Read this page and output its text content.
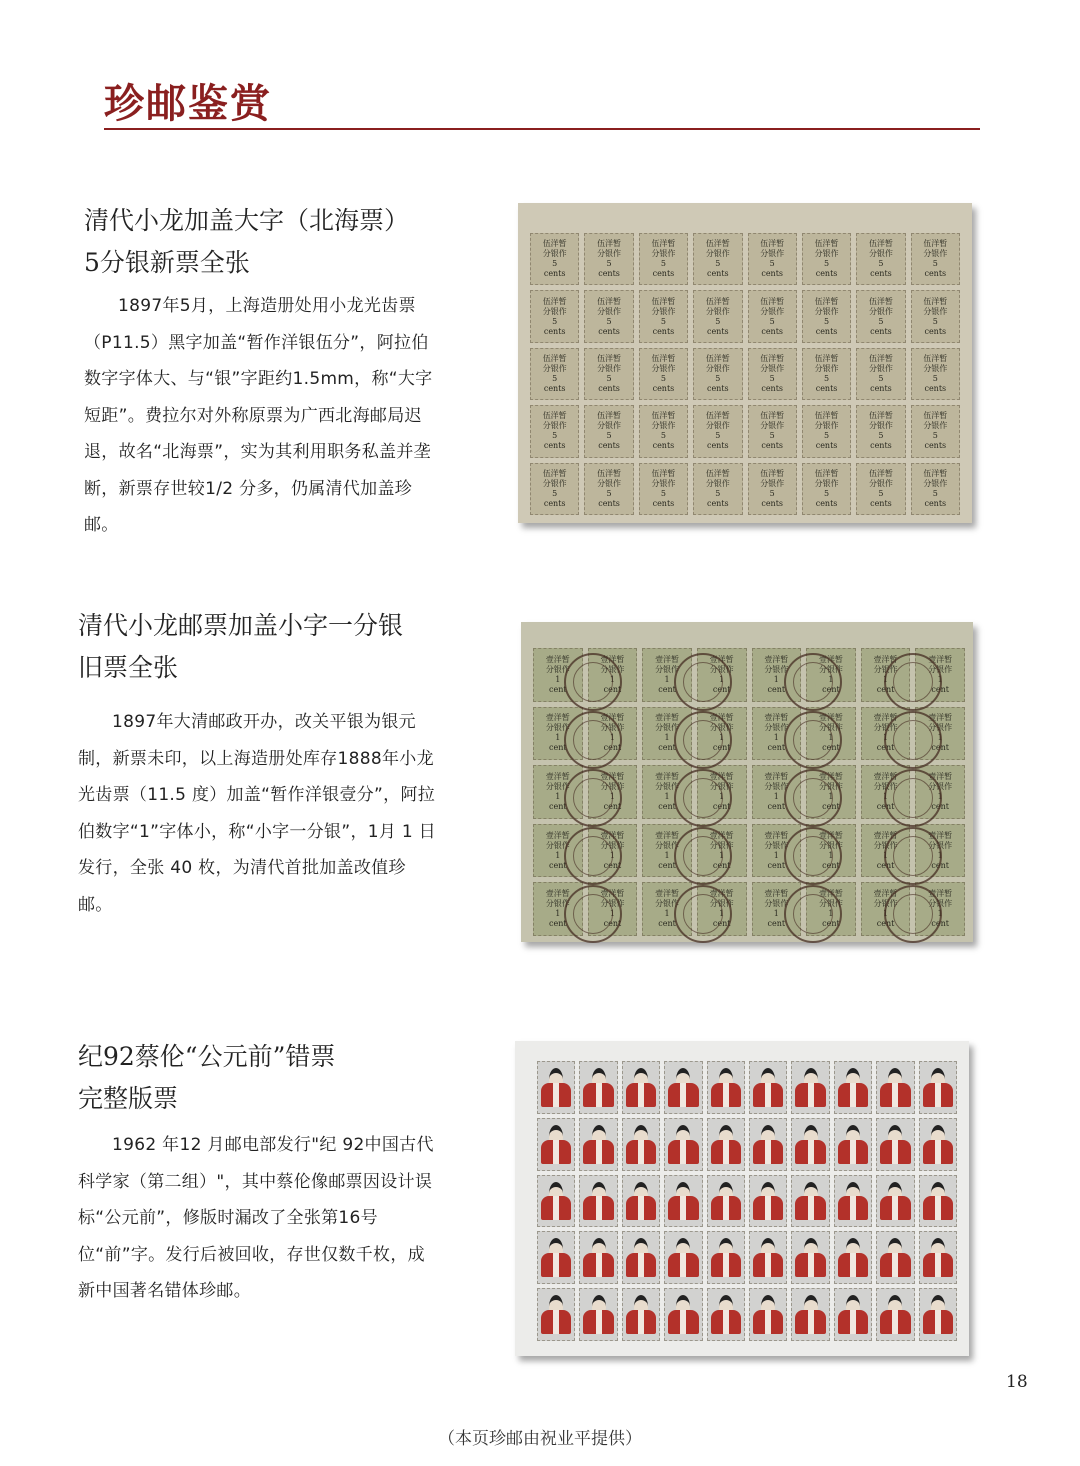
珍邮鉴赏
清代小龙加盖大字（北海票）
5分银新票全张
1897年5月，上海造册处用小龙光齿票（P11.5）黑字加盖“暂作洋银伍分”，阿拉伯数字字体大、与“银”字距约1.5mm，称“大字短距”。费拉尔对外称原票为广西北海邮局迟退，故名“北海票”，实为其利用职务私盖并垄断，新票存世较1/2 分多，仍属清代加盖珍邮。
伍洋暂
分银作
5
cents
伍洋暂
分银作
5
cents
伍洋暂
分银作
5
cents
伍洋暂
分银作
5
cents
伍洋暂
分银作
5
cents
伍洋暂
分银作
5
cents
伍洋暂
分银作
5
cents
伍洋暂
分银作
5
cents
伍洋暂
分银作
5
cents
伍洋暂
分银作
5
cents
伍洋暂
分银作
5
cents
伍洋暂
分银作
5
cents
伍洋暂
分银作
5
cents
伍洋暂
分银作
5
cents
伍洋暂
分银作
5
cents
伍洋暂
分银作
5
cents
伍洋暂
分银作
5
cents
伍洋暂
分银作
5
cents
伍洋暂
分银作
5
cents
伍洋暂
分银作
5
cents
伍洋暂
分银作
5
cents
伍洋暂
分银作
5
cents
伍洋暂
分银作
5
cents
伍洋暂
分银作
5
cents
伍洋暂
分银作
5
cents
伍洋暂
分银作
5
cents
伍洋暂
分银作
5
cents
伍洋暂
分银作
5
cents
伍洋暂
分银作
5
cents
伍洋暂
分银作
5
cents
伍洋暂
分银作
5
cents
伍洋暂
分银作
5
cents
伍洋暂
分银作
5
cents
伍洋暂
分银作
5
cents
伍洋暂
分银作
5
cents
伍洋暂
分银作
5
cents
伍洋暂
分银作
5
cents
伍洋暂
分银作
5
cents
伍洋暂
分银作
5
cents
伍洋暂
分银作
5
cents
清代小龙邮票加盖小字一分银
旧票全张
1897年大清邮政开办，改关平银为银元制，新票未印，以上海造册处库存1888年小龙光齿票（11.5 度）加盖“暂作洋银壹分”，阿拉伯数字“1”字体小，称“小字一分银”，1月 1 日发行，全张 40 枚，为清代首批加盖改值珍邮。
壹洋暂
分银作
1
cent
壹洋暂
分银作
1
cent
壹洋暂
分银作
1
cent
壹洋暂
分银作
1
cent
壹洋暂
分银作
1
cent
壹洋暂
分银作
1
cent
壹洋暂
分银作
1
cent
壹洋暂
分银作
1
cent
壹洋暂
分银作
1
cent
壹洋暂
分银作
1
cent
壹洋暂
分银作
1
cent
壹洋暂
分银作
1
cent
壹洋暂
分银作
1
cent
壹洋暂
分银作
1
cent
壹洋暂
分银作
1
cent
壹洋暂
分银作
1
cent
壹洋暂
分银作
1
cent
壹洋暂
分银作
1
cent
壹洋暂
分银作
1
cent
壹洋暂
分银作
1
cent
壹洋暂
分银作
1
cent
壹洋暂
分银作
1
cent
壹洋暂
分银作
1
cent
壹洋暂
分银作
1
cent
壹洋暂
分银作
1
cent
壹洋暂
分银作
1
cent
壹洋暂
分银作
1
cent
壹洋暂
分银作
1
cent
壹洋暂
分银作
1
cent
壹洋暂
分银作
1
cent
壹洋暂
分银作
1
cent
壹洋暂
分银作
1
cent
壹洋暂
分银作
1
cent
壹洋暂
分银作
1
cent
壹洋暂
分银作
1
cent
壹洋暂
分银作
1
cent
壹洋暂
分银作
1
cent
壹洋暂
分银作
1
cent
壹洋暂
分银作
1
cent
壹洋暂
分银作
1
cent
纪92蔡伦“公元前”错票
完整版票
1962 年12 月邮电部发行"纪 92中国古代科学家（第二组）"，其中蔡伦像邮票因设计误标“公元前”，修版时漏改了全张第16号位“前”字。发行后被回收，存世仅数千枚，成新中国著名错体珍邮。
18
（本页珍邮由祝业平提供）
